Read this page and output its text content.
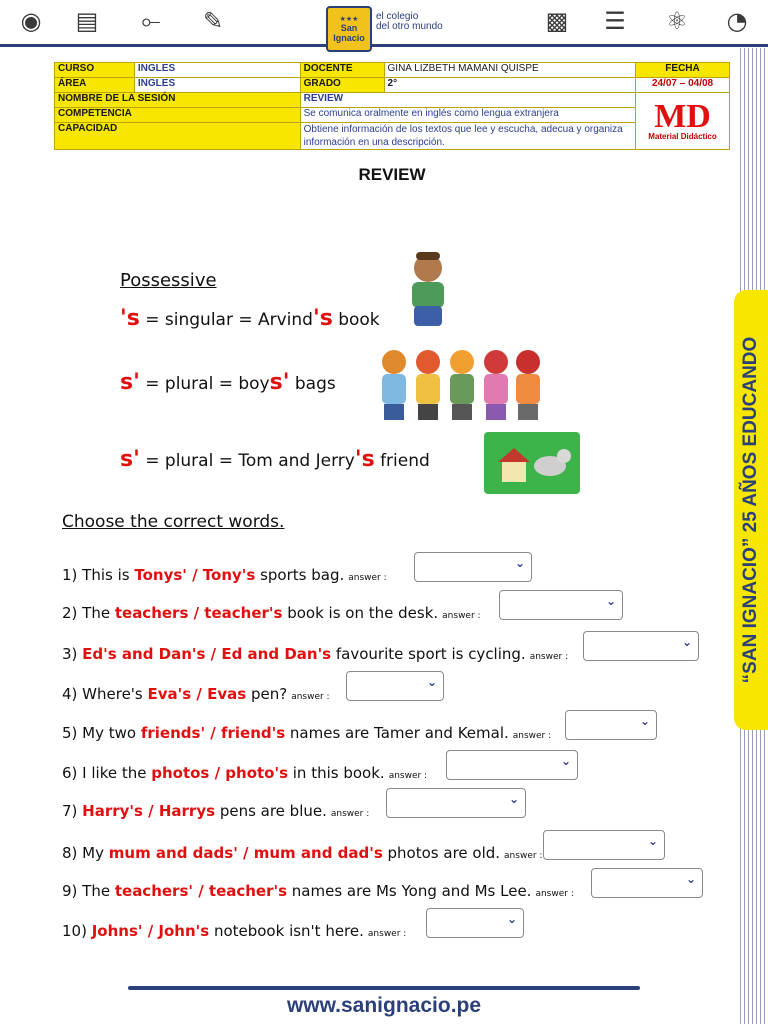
◉ ▤	⟜	✎	▩ ☰ ⚛ ◔
★★★
San Ignacio
el colegio
del otro mundo
CURSO	INGLES	DOCENTE	GINA LIZBETH MAMANI QUISPE	FECHA
ÁREA	INGLES	GRADO	2°	24/07 – 04/08
NOMBRE DE LA SESIÓN		REVIEW		MD
Material Didáctico

COMPETENCIA		Se comunica oralmente en inglés como lengua extranjera		
CAPACIDAD		Obtiene información de los textos que lee y escucha, adecua y organiza información en una descripción.		
REVIEW
Possessive
's = singular = Arvind's book
s' = plural = boys' bags
s' = plural = Tom and Jerry's friend
Choose the correct words.
1) This is Tonys' / Tony's sports bag. answer :
⌄
2) The teachers / teacher's book is on the desk. answer :
⌄
3) Ed's and Dan's / Ed and Dan's favourite sport is cycling. answer :
⌄
4) Where's Eva's / Evas pen? answer :
⌄
5) My two friends' / friend's names are Tamer and Kemal. answer :
⌄
6) I like the photos / photo's in this book. answer :
⌄
7) Harry's / Harrys pens are blue. answer :
⌄
8) My mum and dads' / mum and dad's photos are old. answer :
⌄
9) The teachers' / teacher's names are Ms Yong and Ms Lee. answer :
⌄
10) Johns' / John's notebook isn't here. answer :
⌄
“SAN IGNACIO” 25 AÑOS EDUCANDO
www.sanignacio.pe
